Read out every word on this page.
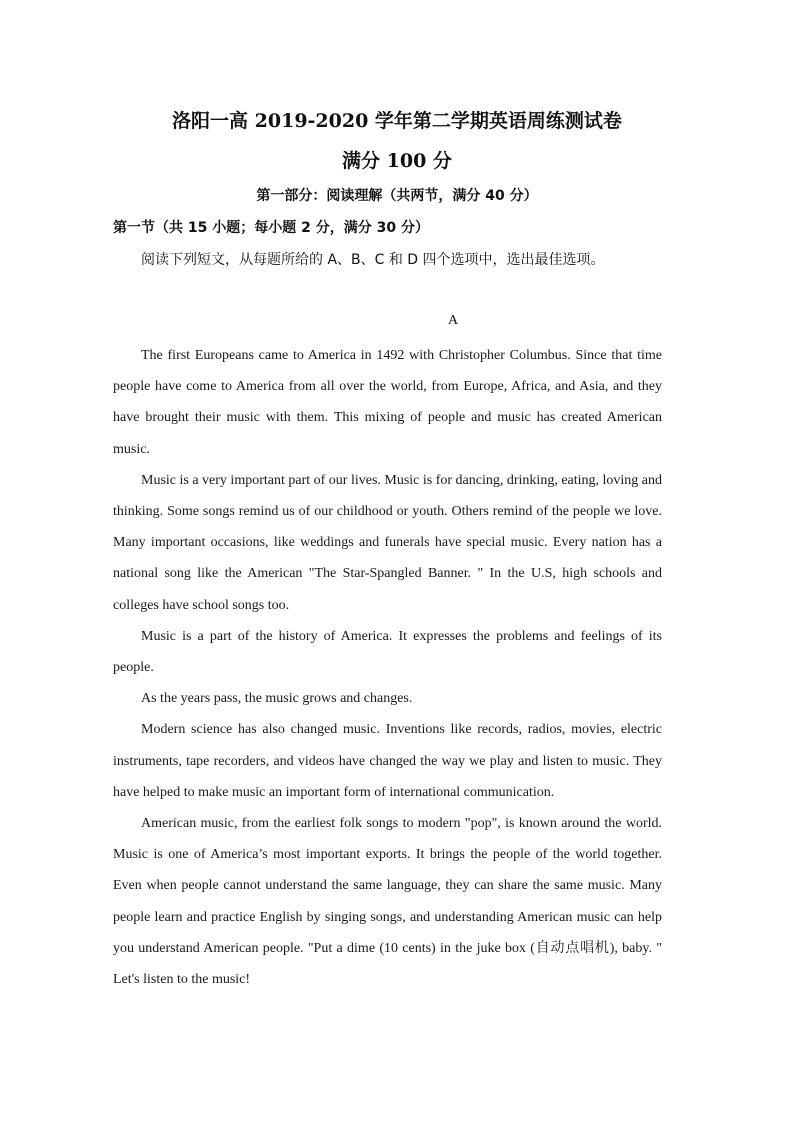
洛阳一高 2019-2020 学年第二学期英语周练测试卷
满分 100 分
第一部分：阅读理解（共两节，满分 40 分）
第一节（共 15 小题；每小题 2 分，满分 30 分）
阅读下列短文，从每题所给的 A、B、C 和 D 四个选项中，选出最佳选项。
A

The first Europeans came to America in 1492 with Christopher Columbus. Since that time people have come to America from all over the world, from Europe, Africa, and Asia, and they have brought their music with them. This mixing of people and music has created American music.

Music is a very important part of our lives. Music is for dancing, drinking, eating, loving and thinking. Some songs remind us of our childhood or youth. Others remind of the people we love. Many important occasions, like weddings and funerals have special music. Every nation has a national song like the American "The Star-Spangled Banner. " In the U.S, high schools and colleges have school songs too.

Music is a part of the history of America. It expresses the problems and feelings of its people.

As the years pass, the music grows and changes.

Modern science has also changed music. Inventions like records, radios, movies, electric instruments, tape recorders, and videos have changed the way we play and listen to music. They have helped to make music an important form of international communication.

American music, from the earliest folk songs to modern "pop", is known around the world. Music is one of America’s most important exports. It brings the people of the world together. Even when people cannot understand the same language, they can share the same music. Many people learn and practice English by singing songs, and understanding American music can help you understand American people. "Put a dime (10 cents) in the juke box (自动点唱机), baby. " Let's listen to the music!
